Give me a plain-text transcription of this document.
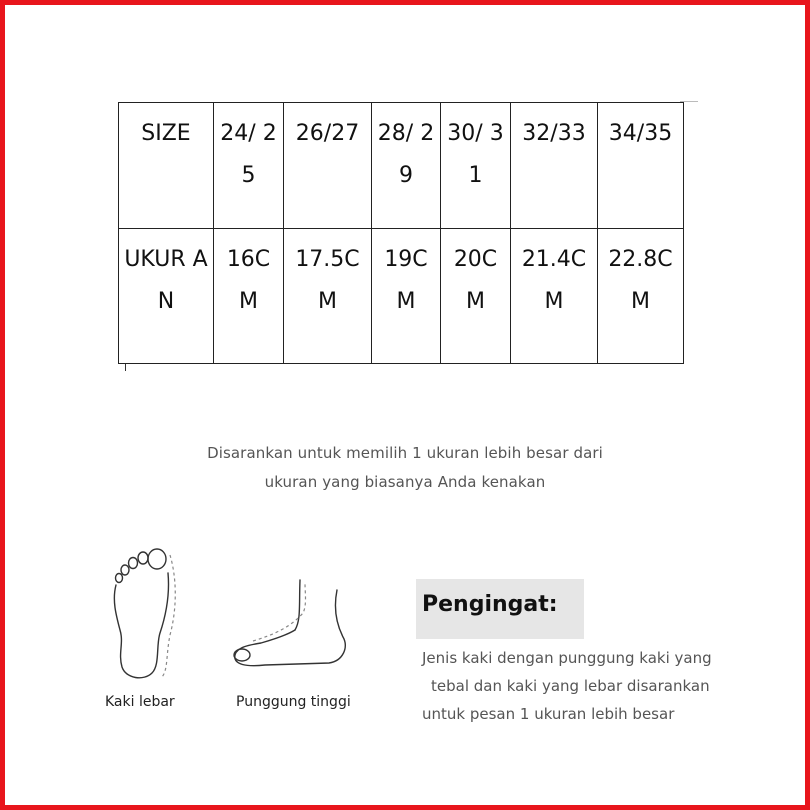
SIZE	24/ 25	26/27	28/ 29	30/ 31	32/33	34/35
UKUR AN	16C M	17.5C M	19C M	20C M	21.4C M	22.8C M
Disarankan untuk memilih 1 ukuran lebih besar dari
ukuran yang biasanya Anda kenakan
Kaki lebar	Punggung tinggi
Pengingat:
Jenis kaki dengan punggung kaki yang
tebal dan kaki yang lebar disarankan
untuk pesan 1 ukuran lebih besar
